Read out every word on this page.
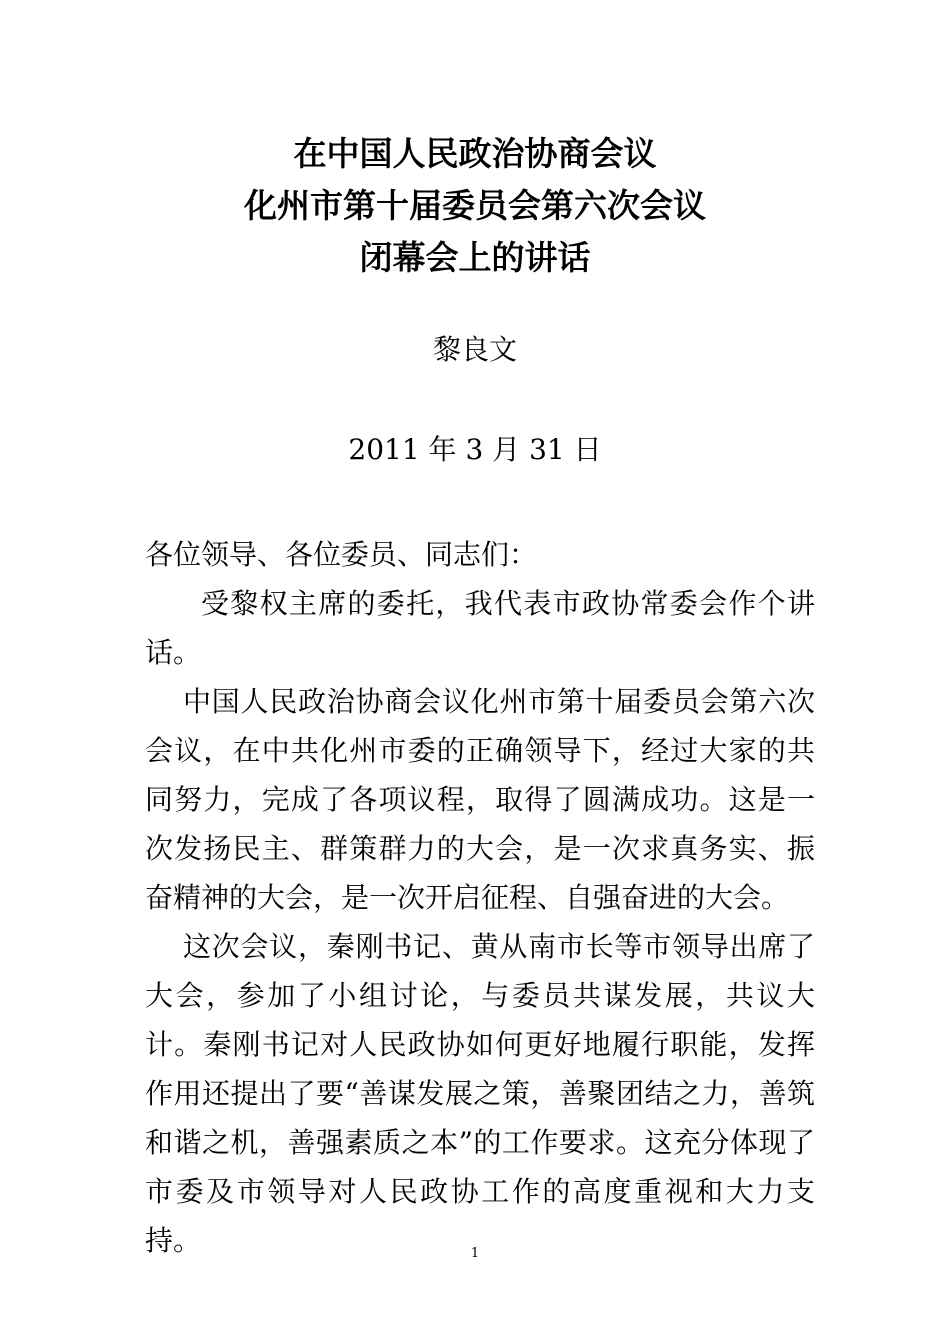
在中国人民政治协商会议
化州市第十届委员会第六次会议
闭幕会上的讲话
黎良文
2011 年 3 月 31 日

各位领导、各位委员、同志们：

受黎权主席的委托，我代表市政协常委会作个讲话。

中国人民政治协商会议化州市第十届委员会第六次会议，在中共化州市委的正确领导下，经过大家的共同努力，完成了各项议程，取得了圆满成功。这是一次发扬民主、群策群力的大会，是一次求真务实、振奋精神的大会，是一次开启征程、自强奋进的大会。

这次会议，秦刚书记、黄从南市长等市领导出席了大会，参加了小组讨论，与委员共谋发展，共议大计。秦刚书记对人民政协如何更好地履行职能，发挥作用还提出了要“善谋发展之策，善聚团结之力，善筑和谐之机，善强素质之本”的工作要求。这充分体现了市委及市领导对人民政协工作的高度重视和大力支持。	1
